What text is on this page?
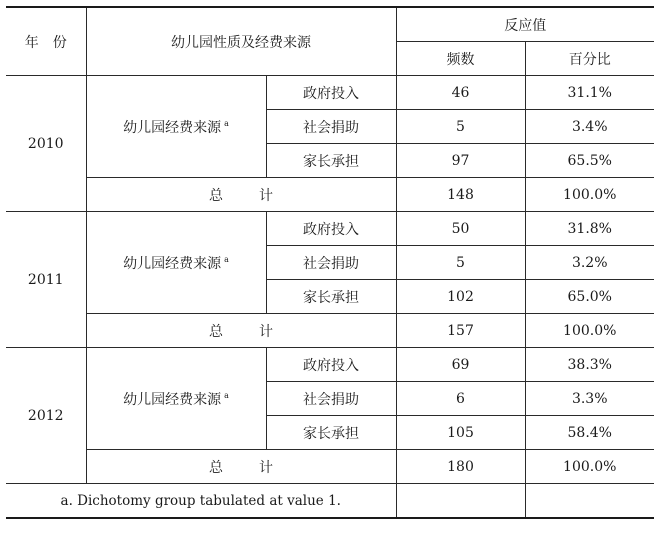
年　份	幼儿园性质及经费来源		反应值	
			频数	百分比
2010	幼儿园经费来源 $^a$	政府投入	46	31.1%
		社会捐助	5	3.4%
		家长承担	97	65.5%
	总 计		148	100.0%
2011	幼儿园经费来源 $^a$	政府投入	50	31.8%
		社会捐助	5	3.2%
		家长承担	102	65.0%
	总 计		157	100.0%
2012	幼儿园经费来源 $^a$	政府投入	69	38.3%
		社会捐助	6	3.3%
		家长承担	105	58.4%
	总 计		180	100.0%
a. Dichotomy group tabulated at value 1.				
